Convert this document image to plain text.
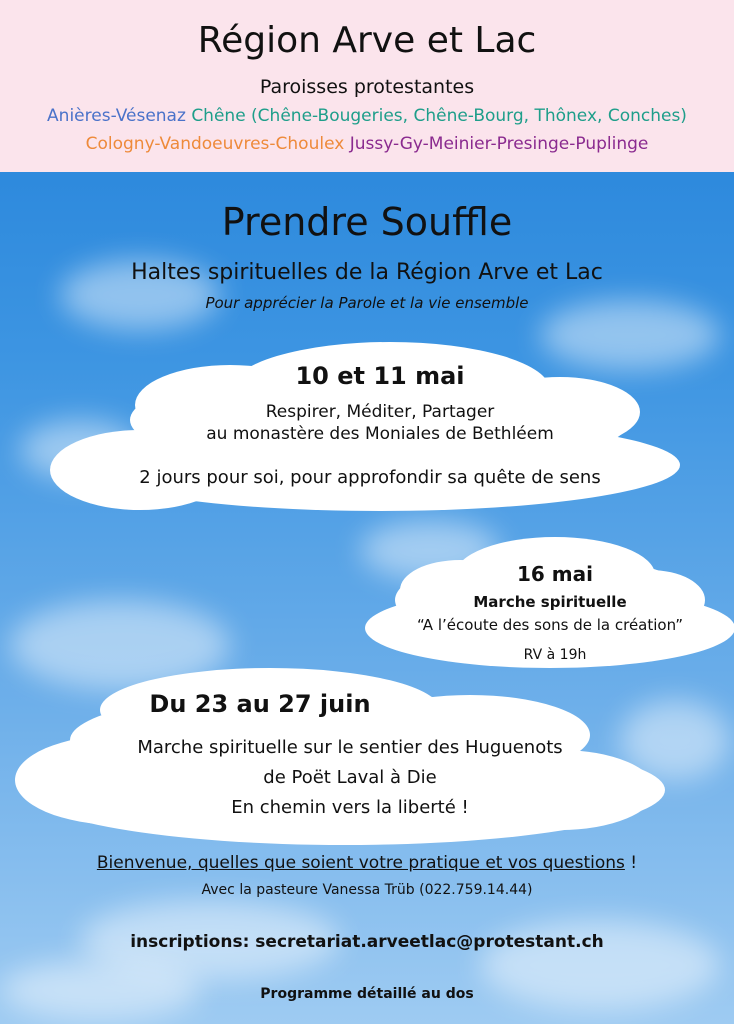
Région Arve et Lac
Paroisses protestantes
Anières-Vésenaz Chêne (Chêne-Bougeries, Chêne-Bourg, Thônex, Conches)
Cologny-Vandoeuvres-Choulex Jussy-Gy-Meinier-Presinge-Puplinge
Prendre Souffle
Haltes spirituelles de la Région Arve et Lac
Pour apprécier la Parole et la vie ensemble
10 et 11 mai
Respirer, Méditer, Partager
au monastère des Moniales de Bethléem
2 jours pour soi, pour approfondir sa quête de sens
16 mai
Marche spirituelle
“A l’écoute des sons de la création”
RV à 19h
Du 23 au 27 juin
Marche spirituelle sur le sentier des Huguenots
de Poët Laval à Die
En chemin vers la liberté !
Bienvenue, quelles que soient votre pratique et vos questions !
Avec la pasteure Vanessa Trüb (022.759.14.44)
inscriptions: secretariat.arveetlac@protestant.ch
Programme détaillé au dos
